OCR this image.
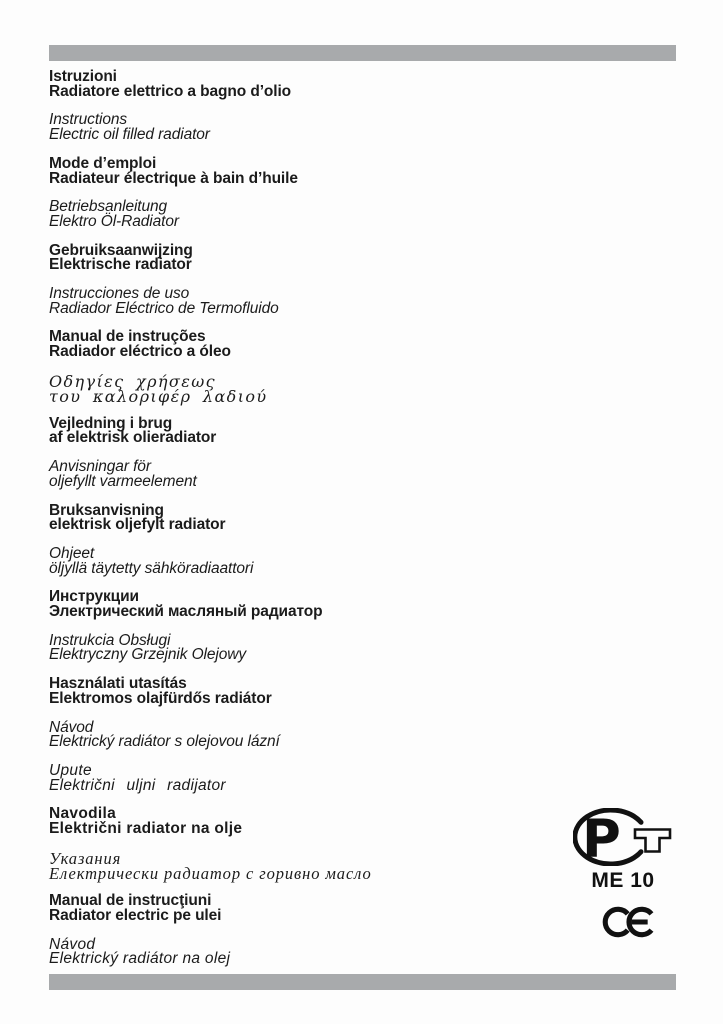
Istruzioni
Radiatore elettrico a bagno d’olio
Instructions
Electric oil filled radiator
Mode d’emploi
Radiateur électrique à bain d’huile
Betriebsanleitung
Elektro Öl-Radiator
Gebruiksaanwijzing
Elektrische radiator
Instrucciones de uso
Radiador Eléctrico de Termofluido
Manual de instruções
Radiador eléctrico a óleo
Οδηγίες χρήσεως
του καλοριφέρ λαδιού
Vejledning i brug
af elektrisk olieradiator
Anvisningar för
oljefyllt varmeelement
Bruksanvisning
elektrisk oljefylt radiator
Ohjeet
öljyllä täytetty sähköradiaattori
Инструкции
Электрический масляный радиатор
Instrukcia Obsługi
Elektryczny Grzejnik Olejowy
Használati utasítás
Elektromos olajfürdős radiátor
Návod
Elektrický radiátor s olejovou lázní
Upute
Električni uljni radijator
Navodila
Električni radiator na olje
Указания
Електрически радиатор с горивно масло
Manual de instrucţiuni
Radiator electric pe ulei
Návod
Elektrický radiátor na olej
Р
ME 10
